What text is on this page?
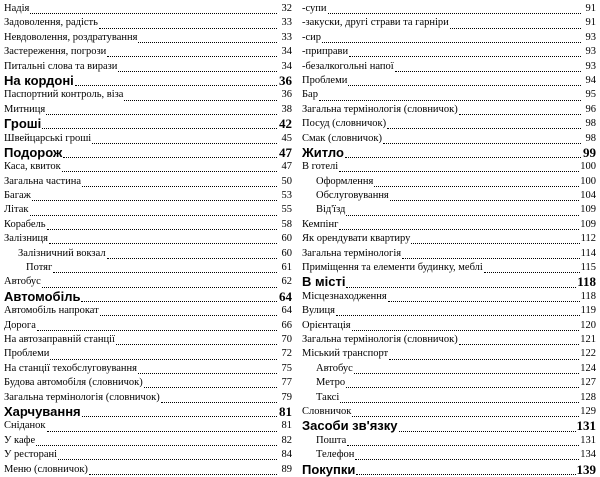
Надія	32
Задоволення, радість	33
Невдоволення, роздратування	33
Застереження, погрози	34
Питальні слова та вирази	34
На кордоні	36
Паспортний контроль, віза	36
Митниця	38
Гроші	42
Швейцарські гроші	45
Подорож	47
Каса, квиток	47
Загальна частина	50
Багаж	53
Літак	55
Корабель	58
Залізниця	60
Залізничний вокзал	60
Потяг	61
Автобус	62
Автомобіль	64
Автомобіль напрокат	64
Дорога	66
На автозаправній станції	70
Проблеми	72
На станції техобслуговування	75
Будова автомобіля (словничок)	77
Загальна термінологія (словничок)	79
Харчування	81
Сніданок	81
У кафе	82
У ресторані	84
Меню (словничок)	89
-супи	91
-закуски, другі страви та гарніри	91
-сир	93
-приправи	93
-безалкогольні напої	93
Проблеми	94
Бар	95
Загальна термінологія (словничок)	96
Посуд (словничок)	98
Смак (словничок)	98
Житло	99
В готелі	100
Оформлення	100
Обслуговування	104
Від'їзд	109
Кемпінг	109
Як орендувати квартиру	112
Загальна термінологія	114
Приміщення та елементи будинку, меблі	115
В місті	118
Місцезнаходження	118
Вулиця	119
Орієнтація	120
Загальна термінологія (словничок)	121
Міський транспорт	122
Автобус	124
Метро	127
Таксі	128
Словничок	129
Засоби зв'язку	131
Пошта	131
Телефон	134
Покупки	139
